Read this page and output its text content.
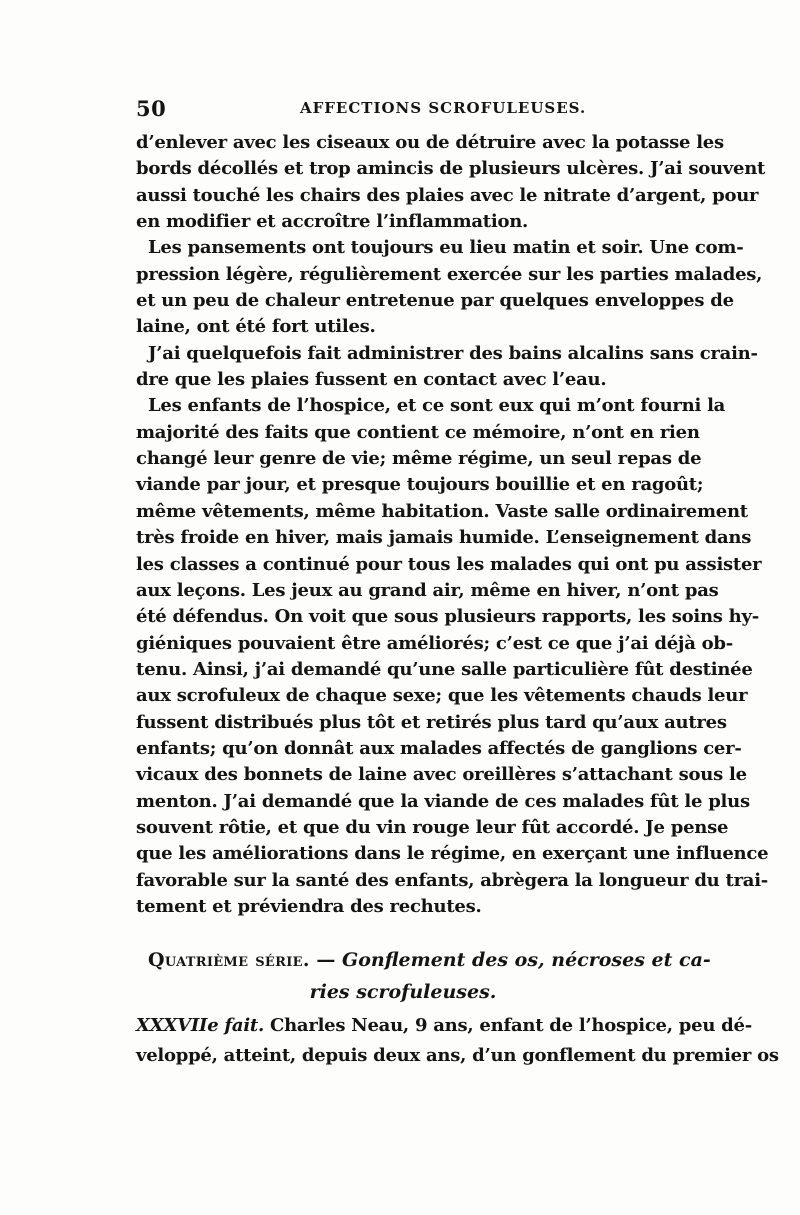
50	AFFECTIONS SCROFULEUSES.
d’enlever avec les ciseaux ou de détruire avec la potasse les
bords décollés et trop amincis de plusieurs ulcères. J’ai souvent
aussi touché les chairs des plaies avec le nitrate d’argent, pour
en modifier et accroître l’inflammation.
Les pansements ont toujours eu lieu matin et soir. Une com-
pression légère, régulièrement exercée sur les parties malades,
et un peu de chaleur entretenue par quelques enveloppes de
laine, ont été fort utiles.
J’ai quelquefois fait administrer des bains alcalins sans crain-
dre que les plaies fussent en contact avec l’eau.
Les enfants de l’hospice, et ce sont eux qui m’ont fourni la
majorité des faits que contient ce mémoire, n’ont en rien
changé leur genre de vie; même régime, un seul repas de
viande par jour, et presque toujours bouillie et en ragoût;
même vêtements, même habitation. Vaste salle ordinairement
très froide en hiver, mais jamais humide. L’enseignement dans
les classes a continué pour tous les malades qui ont pu assister
aux leçons. Les jeux au grand air, même en hiver, n’ont pas
été défendus. On voit que sous plusieurs rapports, les soins hy-
giéniques pouvaient être améliorés; c’est ce que j’ai déjà ob-
tenu. Ainsi, j’ai demandé qu’une salle particulière fût destinée
aux scrofuleux de chaque sexe; que les vêtements chauds leur
fussent distribués plus tôt et retirés plus tard qu’aux autres
enfants; qu’on donnât aux malades affectés de ganglions cer-
vicaux des bonnets de laine avec oreillères s’attachant sous le
menton. J’ai demandé que la viande de ces malades fût le plus
souvent rôtie, et que du vin rouge leur fût accordé. Je pense
que les améliorations dans le régime, en exerçant une influence
favorable sur la santé des enfants, abrègera la longueur du trai-
tement et préviendra des rechutes.
Quatrième série. — Gonflement des os, nécroses et ca-
ries scrofuleuses.
XXXVIIe fait. Charles Neau, 9 ans, enfant de l’hospice, peu dé-
veloppé, atteint, depuis deux ans, d’un gonflement du premier os
